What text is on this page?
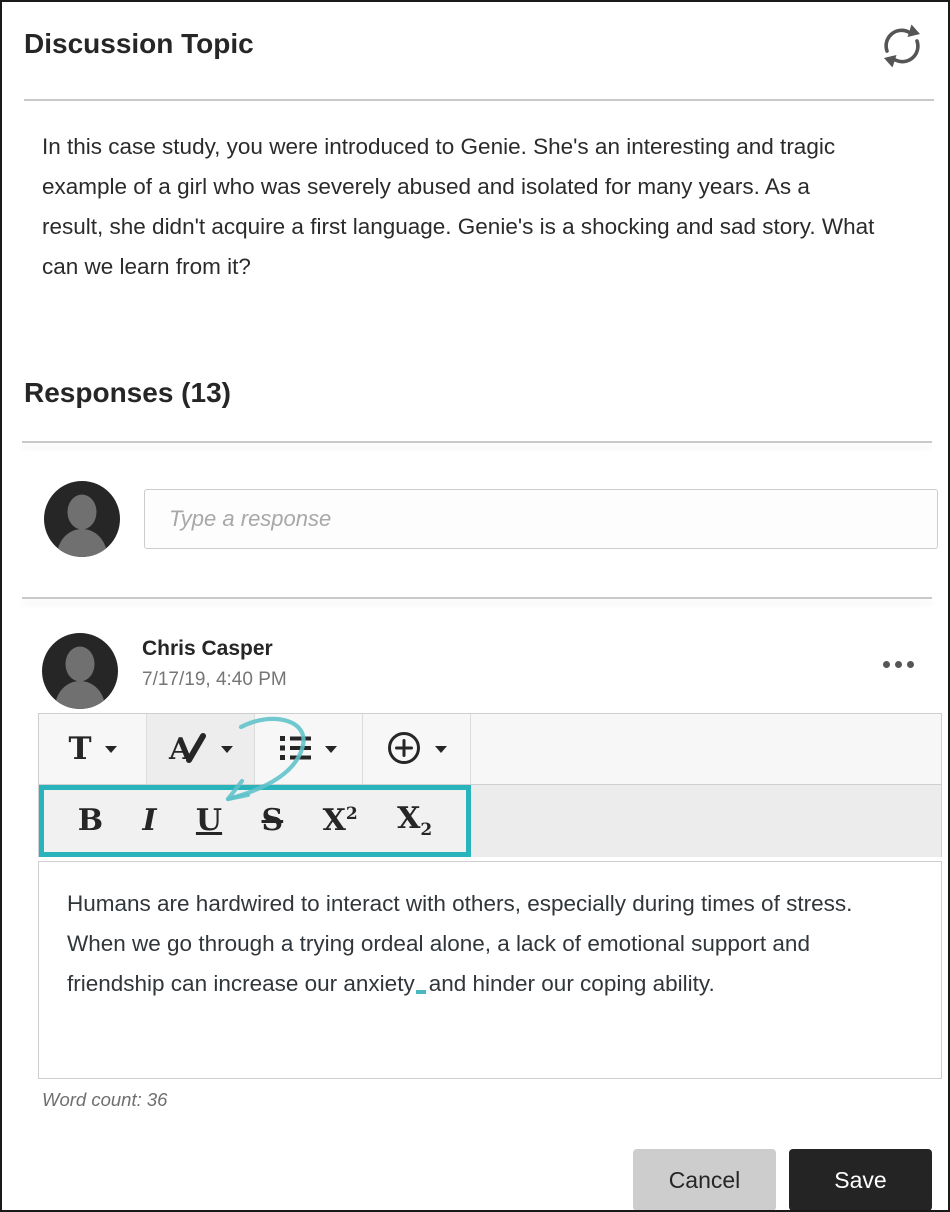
Discussion Topic

In this case study, you were introduced to Genie. She's an interesting and tragic example of a girl who was severely abused and isolated for many years. As a result, she didn't acquire a first language. Genie's is a shocking and sad story. What can we learn from it?

Responses (13)
Type a response
Chris Casper
7/17/19, 4:40 PM
T	A
B I U S $X^2$ $X_2$
Humans are hardwired to interact with others, especially during times of stress. When we go through a trying ordeal alone, a lack of emotional support and friendship can increase our anxiety and hinder our coping ability.
Word count: 36
Cancel	Save
